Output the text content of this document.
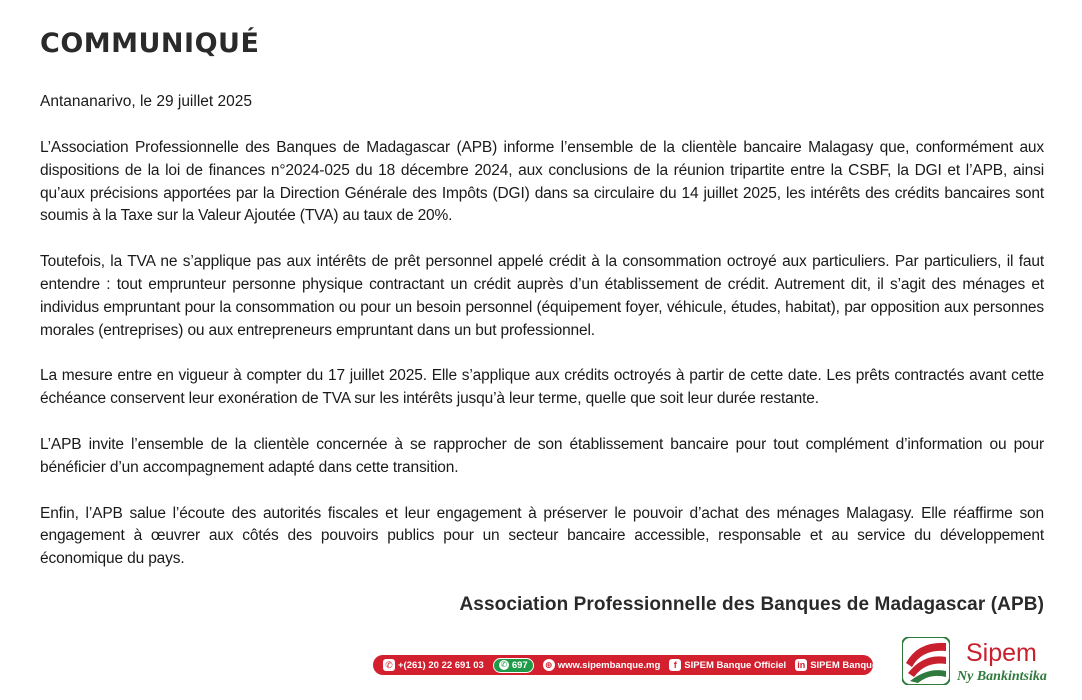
COMMUNIQUÉ
Antananarivo, le 29 juillet 2025

L’Association Professionnelle des Banques de Madagascar (APB) informe l’ensemble de la clientèle bancaire Malagasy que, conformément aux dispositions de la loi de finances n°2024-025 du 18 décembre 2024, aux conclusions de la réunion tripartite entre la CSBF, la DGI et l’APB, ainsi qu’aux précisions apportées par la Direction Générale des Impôts (DGI) dans sa circulaire du 14 juillet 2025, les intérêts des crédits bancaires sont soumis à la Taxe sur la Valeur Ajoutée (TVA) au taux de 20%.

Toutefois, la TVA ne s’applique pas aux intérêts de prêt personnel appelé crédit à la consommation octroyé aux particuliers. Par particuliers, il faut entendre : tout emprunteur personne physique contractant un crédit auprès d’un établissement de crédit. Autrement dit, il s’agit des ménages et individus empruntant pour la consommation ou pour un besoin personnel (équipement foyer, véhicule, études, habitat), par opposition aux personnes morales (entreprises) ou aux entrepreneurs empruntant dans un but professionnel.

La mesure entre en vigueur à compter du 17 juillet 2025. Elle s’applique aux crédits octroyés à partir de cette date. Les prêts contractés avant cette échéance conservent leur exonération de TVA sur les intérêts jusqu’à leur terme, quelle que soit leur durée restante.

L’APB invite l’ensemble de la clientèle concernée à se rapprocher de son établissement bancaire pour tout complément d’information ou pour bénéficier d’un accompagnement adapté dans cette transition.

Enfin, l’APB salue l’écoute des autorités fiscales et leur engagement à préserver le pouvoir d’achat des ménages Malagasy. Elle réaffirme son engagement à œuvrer aux côtés des pouvoirs publics pour un secteur bancaire accessible, responsable et au service du développement économique du pays.

Association Professionnelle des Banques de Madagascar (APB)
✆ +(261) 20 22 691 03 ✆ 697 ⊕ www.sipembanque.mg	f SIPEM Banque Officiel in SIPEM Banque	Sipem
Ny Bankintsika
